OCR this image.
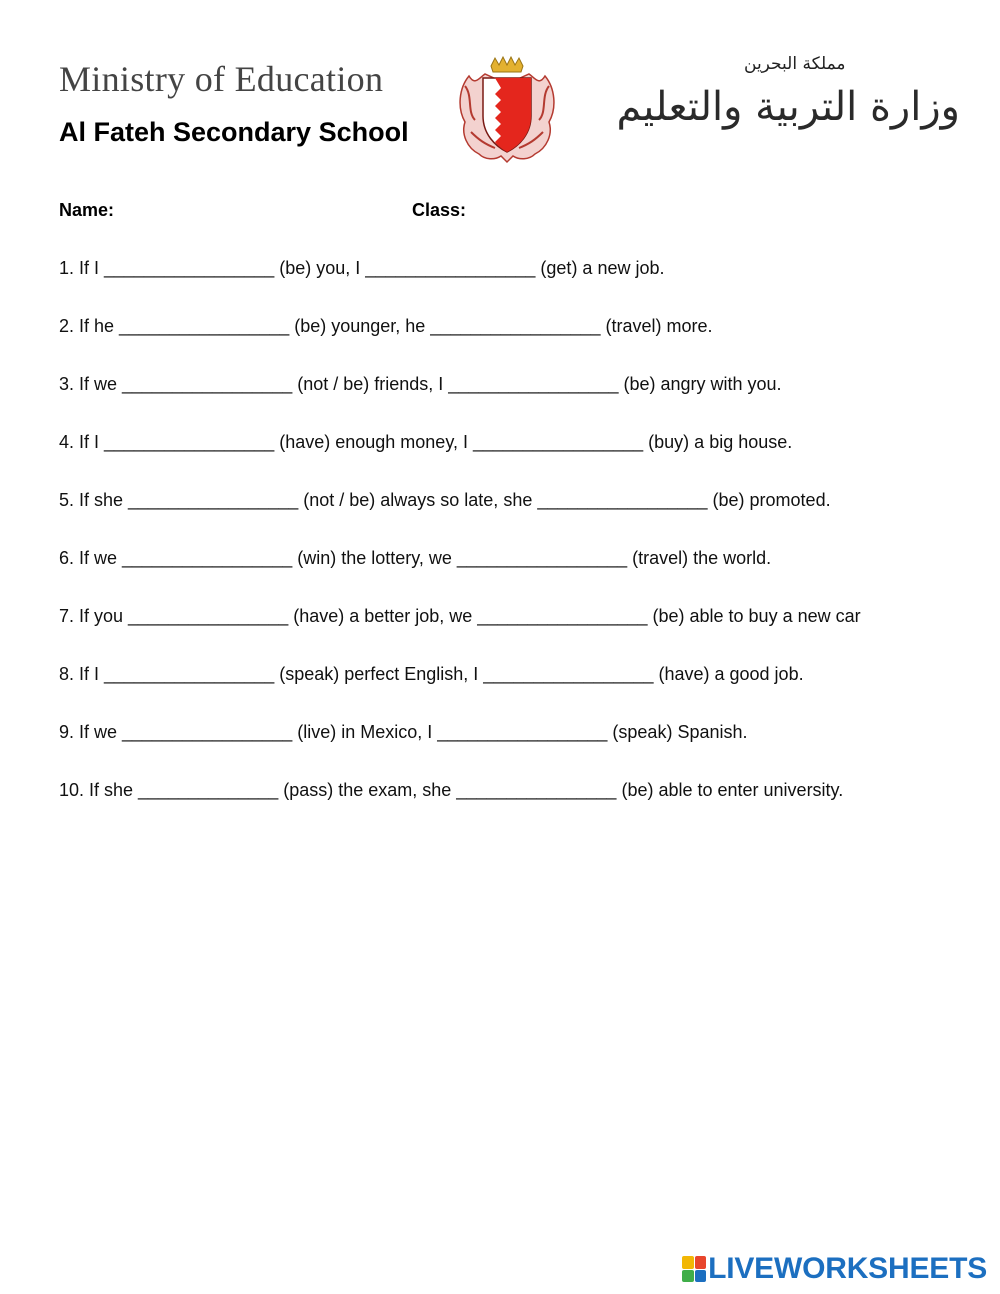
Ministry of Education
Al Fateh Secondary School
مملكة البحرين
وزارة التربية والتعليم
Name:	Class:
1. If I _________________ (be) you, I _________________ (get) a new job.
2. If he _________________ (be) younger, he _________________ (travel) more.
3. If we _________________ (not / be) friends, I _________________ (be) angry with you.
4. If I _________________ (have) enough money, I _________________ (buy) a big house.
5. If she _________________ (not / be) always so late, she _________________ (be) promoted.
6. If we _________________ (win) the lottery, we _________________ (travel) the world.
7. If you ________________ (have) a better job, we _________________ (be) able to buy a new car
8. If I _________________ (speak) perfect English, I _________________ (have) a good job.
9. If we _________________ (live) in Mexico, I _________________ (speak) Spanish.
10. If she ______________ (pass) the exam, she ________________ (be) able to enter university.
LIVEWORKSHEETS
